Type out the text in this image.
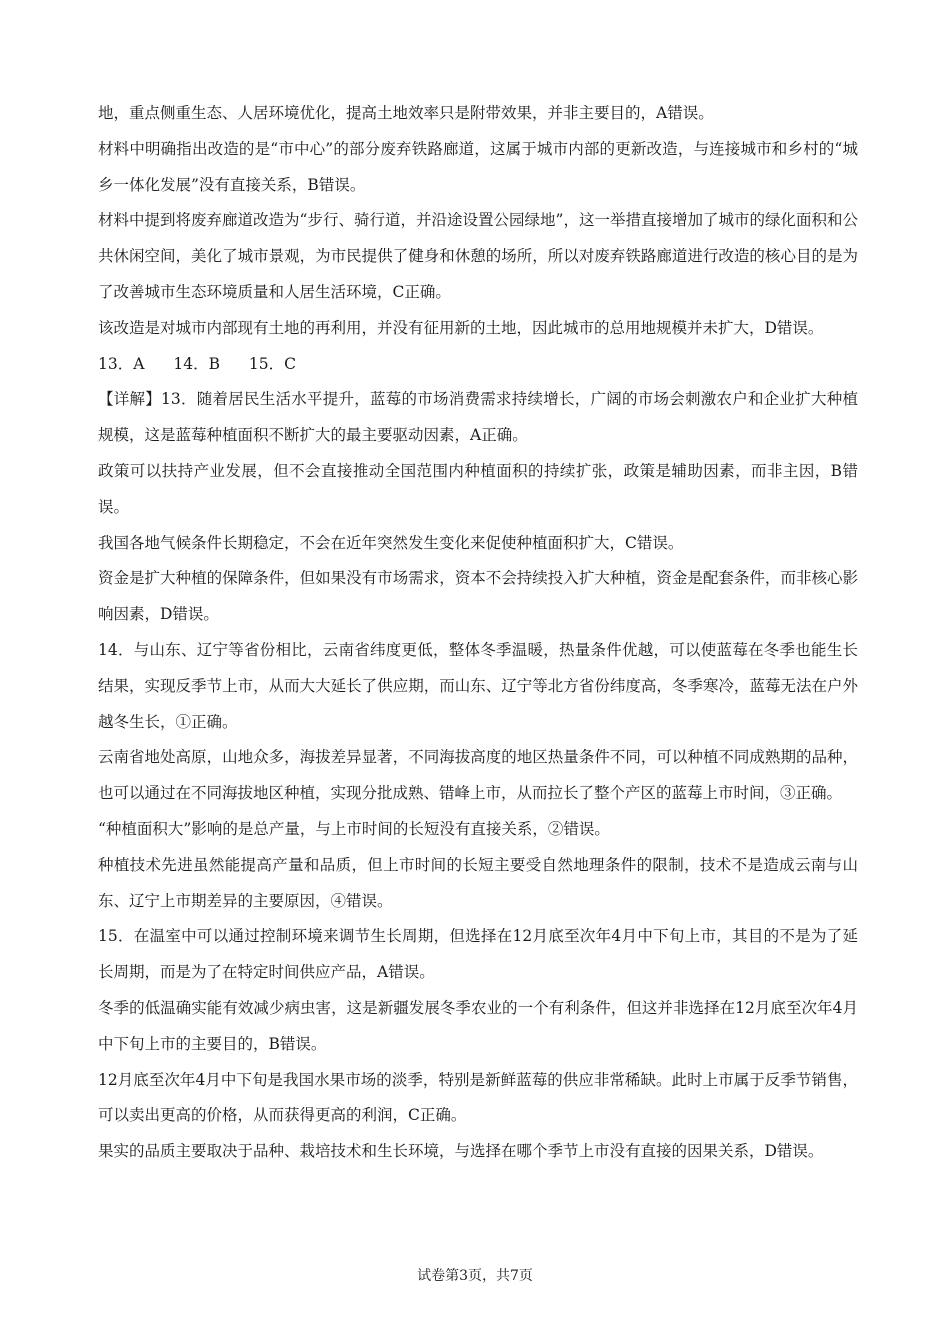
地，重点侧重生态、人居环境优化，提高土地效率只是附带效果，并非主要目的，A错误。

材料中明确指出改造的是“市中心”的部分废弃铁路廊道，这属于城市内部的更新改造，与连接城市和乡村的“城乡一体化发展”没有直接关系，B错误。

材料中提到将废弃廊道改造为“步行、骑行道，并沿途设置公园绿地”，这一举措直接增加了城市的绿化面积和公共休闲空间，美化了城市景观，为市民提供了健身和休憩的场所，所以对废弃铁路廊道进行改造的核心目的是为了改善城市生态环境质量和人居生活环境，C正确。

该改造是对城市内部现有土地的再利用，并没有征用新的土地，因此城市的总用地规模并未扩大，D错误。

13．A 14．B 15．C

【详解】13．随着居民生活水平提升，蓝莓的市场消费需求持续增长，广阔的市场会刺激农户和企业扩大种植规模，这是蓝莓种植面积不断扩大的最主要驱动因素，A正确。

政策可以扶持产业发展，但不会直接推动全国范围内种植面积的持续扩张，政策是辅助因素，而非主因，B错误。

我国各地气候条件长期稳定，不会在近年突然发生变化来促使种植面积扩大，C错误。

资金是扩大种植的保障条件，但如果没有市场需求，资本不会持续投入扩大种植，资金是配套条件，而非核心影响因素，D错误。

14．与山东、辽宁等省份相比，云南省纬度更低，整体冬季温暖，热量条件优越，可以使蓝莓在冬季也能生长结果，实现反季节上市，从而大大延长了供应期，而山东、辽宁等北方省份纬度高，冬季寒冷，蓝莓无法在户外越冬生长，①正确。

云南省地处高原，山地众多，海拔差异显著，不同海拔高度的地区热量条件不同，可以种植不同成熟期的品种，也可以通过在不同海拔地区种植，实现分批成熟、错峰上市，从而拉长了整个产区的蓝莓上市时间，③正确。

“种植面积大”影响的是总产量，与上市时间的长短没有直接关系，②错误。

种植技术先进虽然能提高产量和品质，但上市时间的长短主要受自然地理条件的限制，技术不是造成云南与山东、辽宁上市期差异的主要原因，④错误。

15．在温室中可以通过控制环境来调节生长周期，但选择在12月底至次年4月中下旬上市，其目的不是为了延长周期，而是为了在特定时间供应产品，A错误。

冬季的低温确实能有效减少病虫害，这是新疆发展冬季农业的一个有利条件，但这并非选择在12月底至次年4月中下旬上市的主要目的，B错误。

12月底至次年4月中下旬是我国水果市场的淡季，特别是新鲜蓝莓的供应非常稀缺。此时上市属于反季节销售，可以卖出更高的价格，从而获得更高的利润，C正确。

果实的品质主要取决于品种、栽培技术和生长环境，与选择在哪个季节上市没有直接的因果关系，D错误。

试卷第3页，共7页
